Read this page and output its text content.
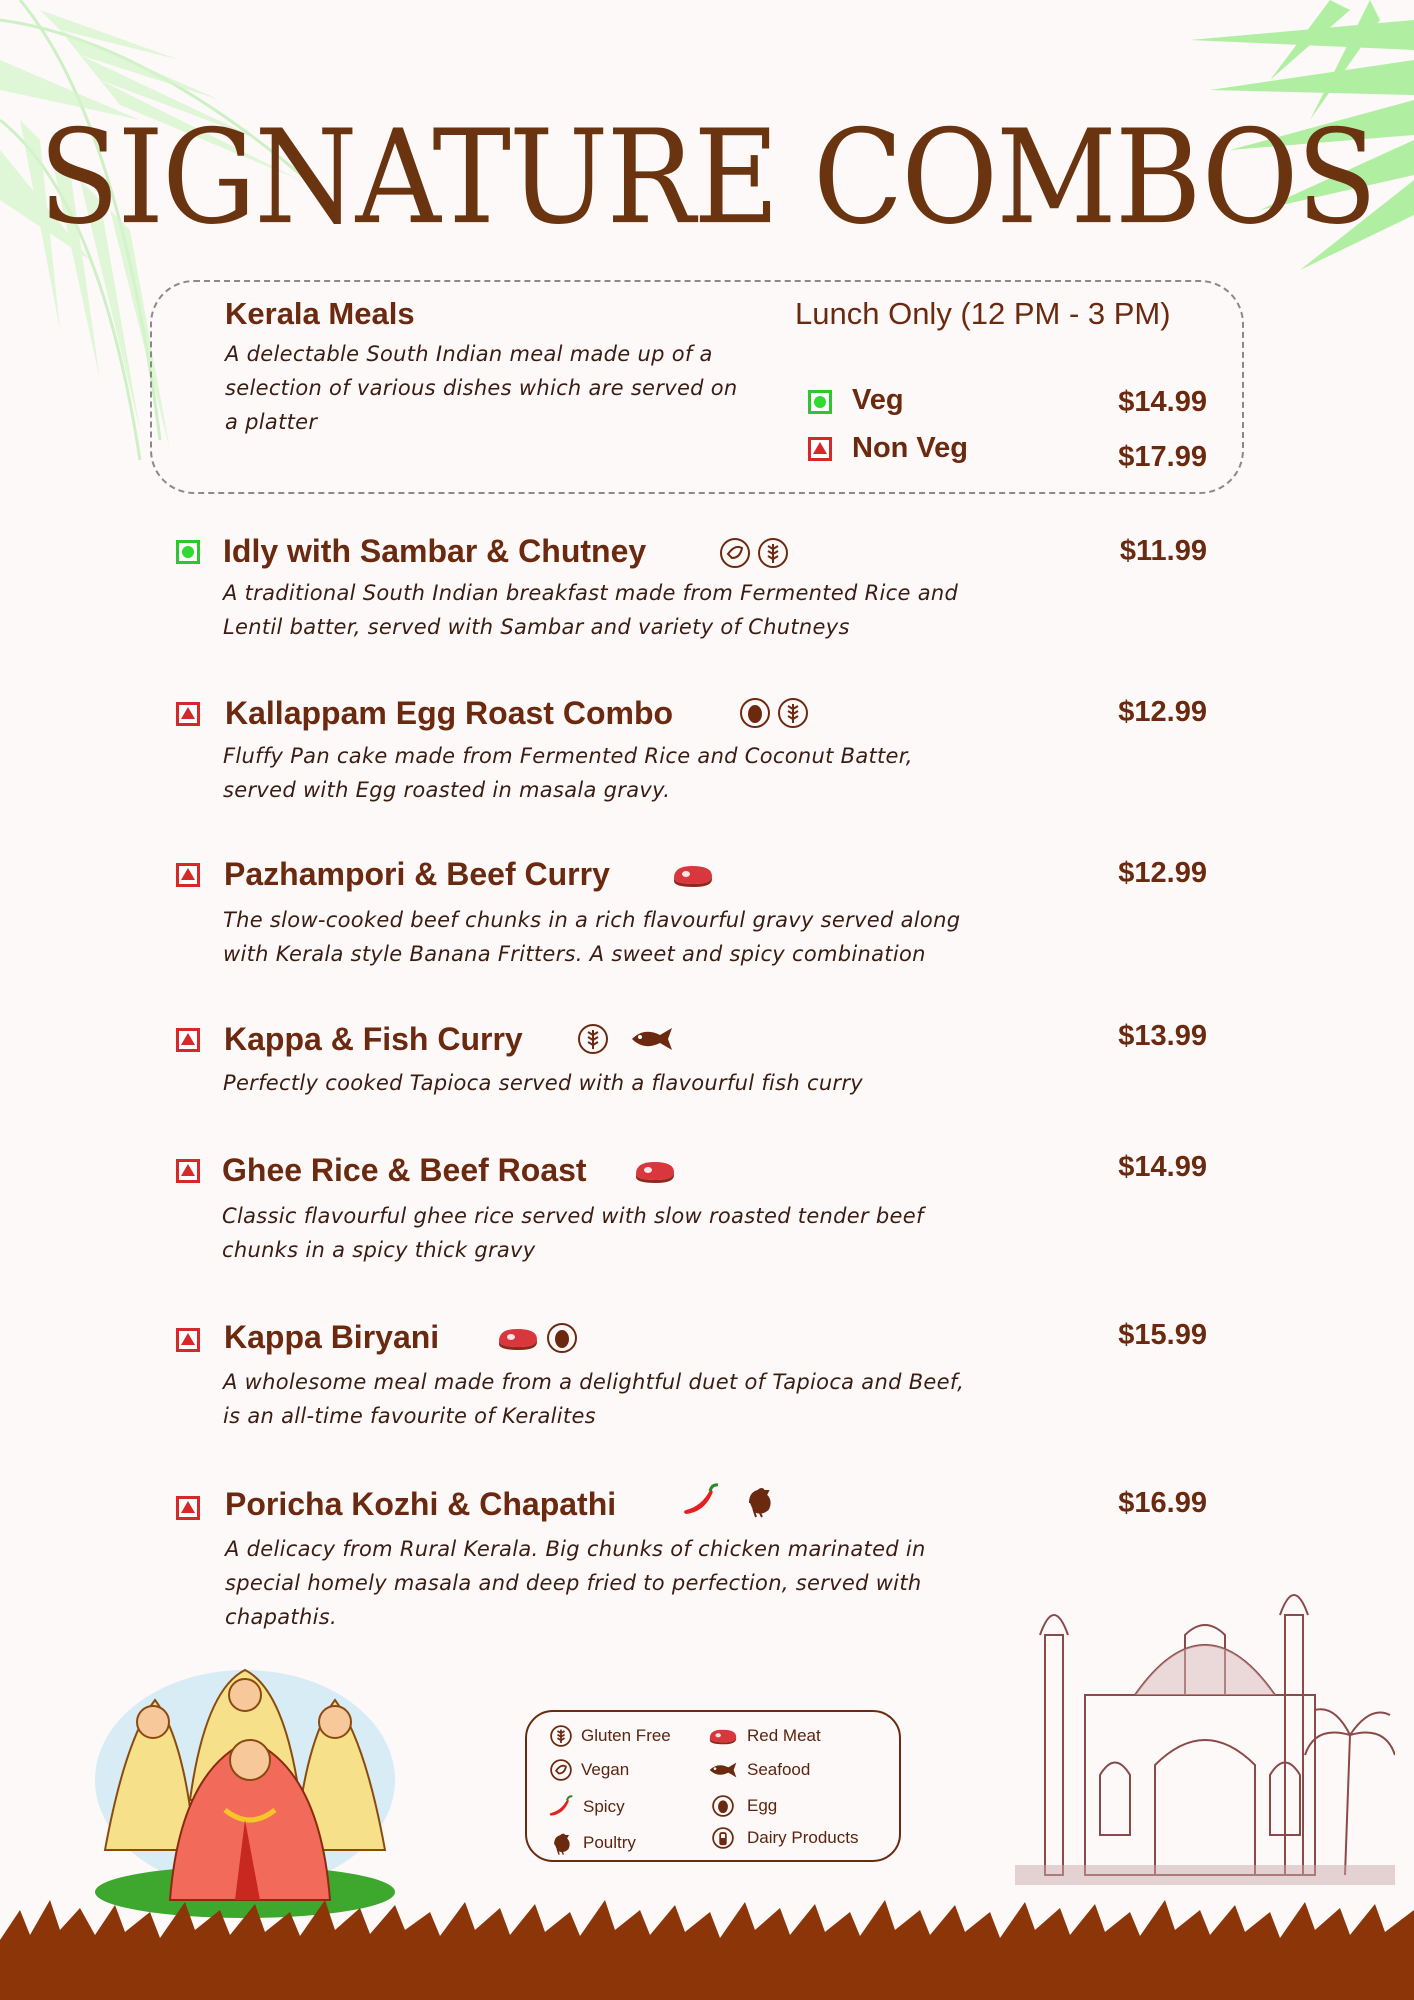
SIGNATURE COMBOS
Kerala Meals
A delectable South Indian meal made up of a
selection of various dishes which are served on
a platter
Lunch Only (12 PM - 3 PM)
Veg	$14.99
Non Veg	$17.99
Idly with Sambar & Chutney
	$11.99
A traditional South Indian breakfast made from Fermented Rice and
Lentil batter, served with Sambar and variety of Chutneys
Kallappam Egg Roast Combo
	$12.99
Fluffy Pan cake made from Fermented Rice and Coconut Batter,
served with Egg roasted in masala gravy.
Pazhampori & Beef Curry	$12.99
The slow-cooked beef chunks in a rich flavourful gravy served along
with Kerala style Banana Fritters. A sweet and spicy combination
Kappa & Fish Curry
	$13.99
Perfectly cooked Tapioca served with a flavourful fish curry
Ghee Rice & Beef Roast	$14.99
Classic flavourful ghee rice served with slow roasted tender beef
chunks in a spicy thick gravy
Kappa Biryani
	$15.99
A wholesome meal made from a delightful duet of Tapioca and Beef,
is an all-time favourite of Keralites
Poricha Kozhi & Chapathi
	$16.99
A delicacy from Rural Kerala. Big chunks of chicken marinated in
special homely masala and deep fried to perfection, served with
chapathis.
Gluten Free
Vegan
Spicy
Poultry
Red Meat
Seafood
Egg
Dairy Products
